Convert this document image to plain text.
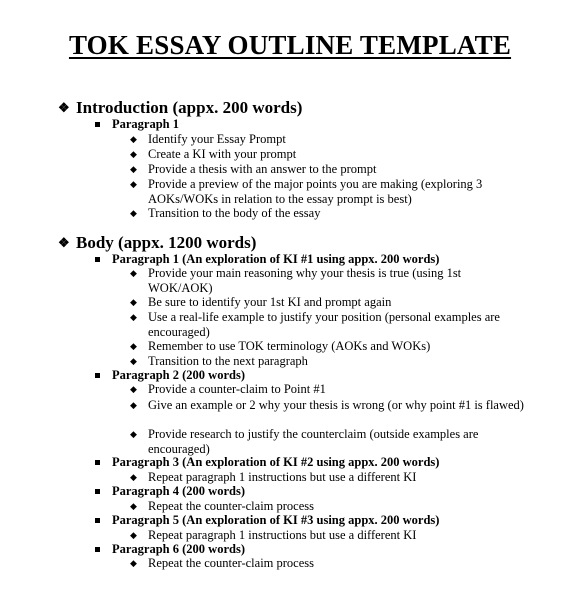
TOK ESSAY OUTLINE TEMPLATE
❖ Introduction (appx. 200 words)
Paragraph 1
◆ Identify your Essay Prompt
◆ Create a KI with your prompt
◆ Provide a thesis with an answer to the prompt
◆ Provide a preview of the major points you are making (exploring 3 AOKs/WOKs in relation to the essay prompt is best)
◆ Transition to the body of the essay
❖ Body (appx. 1200 words)
Paragraph 1 (An exploration of KI #1 using appx. 200 words)
◆ Provide your main reasoning why your thesis is true (using 1st WOK/AOK)
◆ Be sure to identify your 1st KI and prompt again
◆ Use a real-life example to justify your position (personal examples are encouraged)
◆ Remember to use TOK terminology (AOKs and WOKs)
◆ Transition to the next paragraph
Paragraph 2 (200 words)
◆ Provide a counter-claim to Point #1
◆ Give an example or 2 why your thesis is wrong (or why point #1 is flawed)
◆ Provide research to justify the counterclaim (outside examples are encouraged)
Paragraph 3 (An exploration of KI #2 using appx. 200 words)
◆ Repeat paragraph 1 instructions but use a different KI
Paragraph 4 (200 words)
◆ Repeat the counter-claim process
Paragraph 5 (An exploration of KI #3 using appx. 200 words)
◆ Repeat paragraph 1 instructions but use a different KI
Paragraph 6 (200 words)
◆ Repeat the counter-claim process
